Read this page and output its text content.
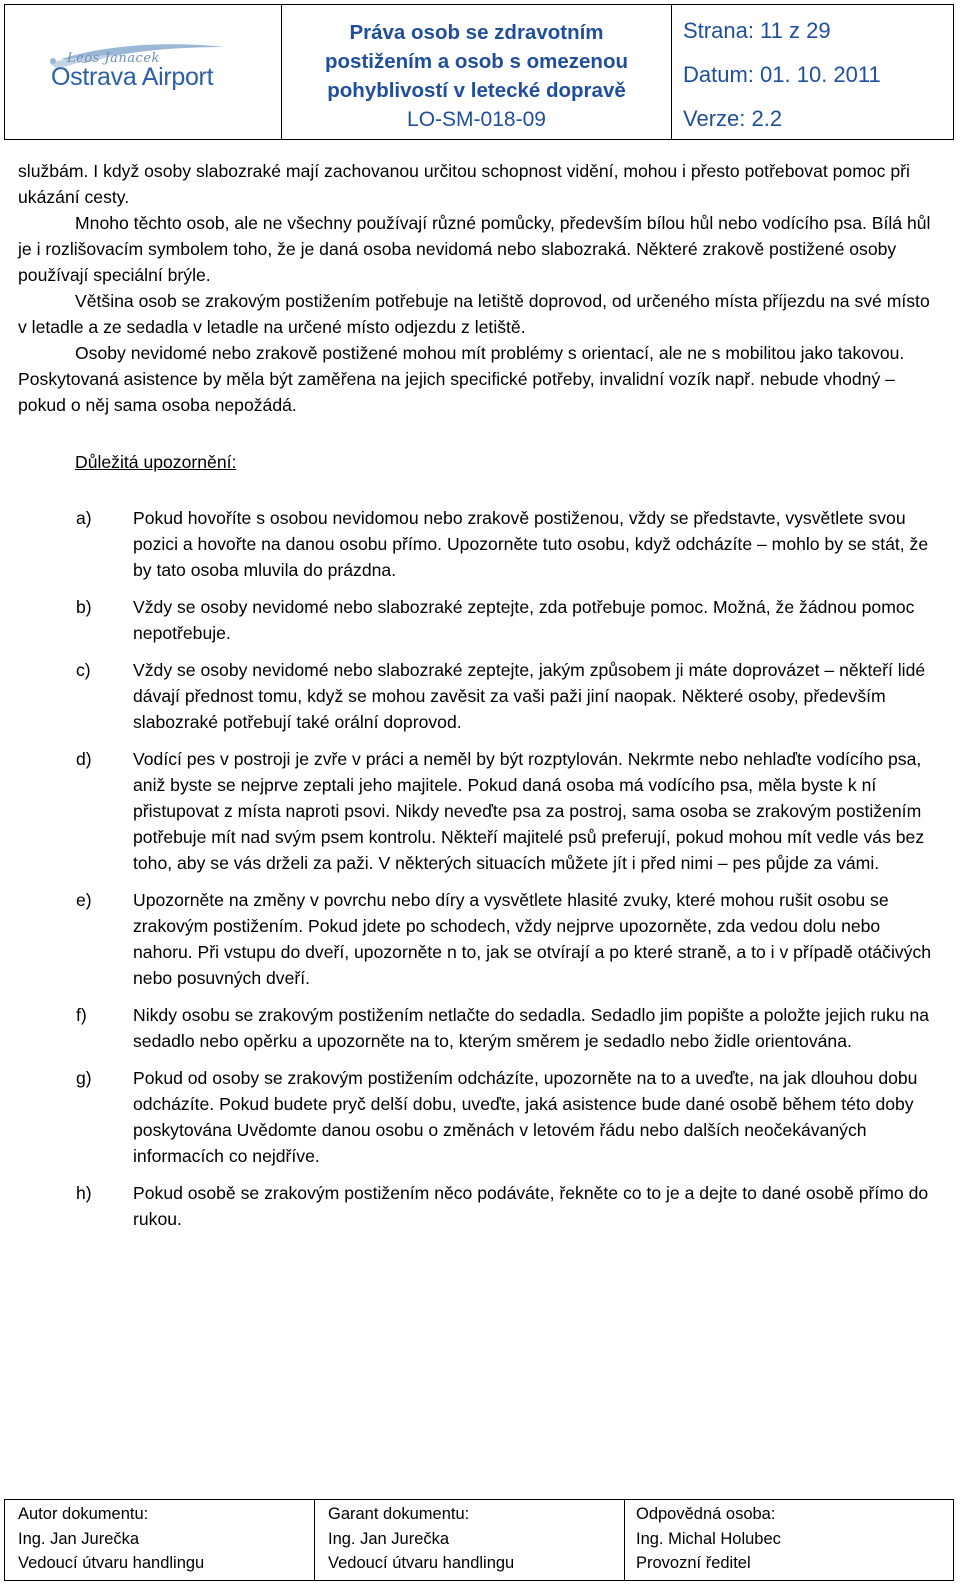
Leos Janacek
Ostrava Airport
Práva osob se zdravotním
postižením a osob s omezenou
pohyblivostí v letecké dopravě
LO-SM-018-09
Strana: 11 z 29
Datum: 01. 10. 2011
Verze: 2.2

službám. I když osoby slabozraké mají zachovanou určitou schopnost vidění, mohou i přesto potřebovat pomoc při ukázání cesty.

Mnoho těchto osob, ale ne všechny používají různé pomůcky, především bílou hůl nebo vodícího psa. Bílá hůl je i rozlišovacím symbolem toho, že je daná osoba nevidomá nebo slabozraká. Některé zrakově postižené osoby používají speciální brýle.

Většina osob se zrakovým postižením potřebuje na letiště doprovod, od určeného místa příjezdu na své místo v letadle a ze sedadla v letadle na určené místo odjezdu z letiště.

Osoby nevidomé nebo zrakově postižené mohou mít problémy s orientací, ale ne s mobilitou jako takovou. Poskytovaná asistence by měla být zaměřena na jejich specifické potřeby, invalidní vozík např. nebude vhodný – pokud o něj sama osoba nepožádá.

Důležitá upozornění:

a)	Pokud hovoříte s osobou nevidomou nebo zrakově postiženou, vždy se představte, vysvětlete svou pozici a hovořte na danou osobu přímo. Upozorněte tuto osobu, když odcházíte – mohlo by se stát, že by tato osoba mluvila do prázdna.
b)	Vždy se osoby nevidomé nebo slabozraké zeptejte, zda potřebuje pomoc. Možná, že žádnou pomoc nepotřebuje.
c)	Vždy se osoby nevidomé nebo slabozraké zeptejte, jakým způsobem ji máte doprovázet – někteří lidé dávají přednost tomu, když se mohou zavěsit za vaši paži jiní naopak. Některé osoby, především slabozraké potřebují také orální doprovod.
d)	Vodící pes v postroji je zvře v práci a neměl by být rozptylován. Nekrmte nebo nehlaďte vodícího psa, aniž byste se nejprve zeptali jeho majitele. Pokud daná osoba má vodícího psa, měla byste k ní přistupovat z místa naproti psovi. Nikdy neveďte psa za postroj, sama osoba se zrakovým postižením potřebuje mít nad svým psem kontrolu. Někteří majitelé psů preferují, pokud mohou mít vedle vás bez toho, aby se vás drželi za paži. V některých situacích můžete jít i před nimi – pes půjde za vámi.
e)	Upozorněte na změny v povrchu nebo díry a vysvětlete hlasité zvuky, které mohou rušit osobu se zrakovým postižením. Pokud jdete po schodech, vždy nejprve upozorněte, zda vedou dolu nebo nahoru. Při vstupu do dveří, upozorněte n to, jak se otvírají a po které straně, a to i v případě otáčivých nebo posuvných dveří.
f)	Nikdy osobu se zrakovým postižením netlačte do sedadla. Sedadlo jim popište a položte jejich ruku na sedadlo nebo opěrku a upozorněte na to, kterým směrem je sedadlo nebo židle orientována.
g)	Pokud od osoby se zrakovým postižením odcházíte, upozorněte na to a uveďte, na jak dlouhou dobu odcházíte. Pokud budete pryč delší dobu, uveďte, jaká asistence bude dané osobě během této doby poskytována Uvědomte danou osobu o změnách v letovém řádu nebo dalších neočekávaných informacích co nejdříve.
h)	Pokud osobě se zrakovým postižením něco podáváte, řekněte co to je a dejte to dané osobě přímo do rukou.
Autor dokumentu:
Ing. Jan Jurečka
Vedoucí útvaru handlingu
Garant dokumentu:
Ing. Jan Jurečka
Vedoucí útvaru handlingu
Odpovědná osoba:
Ing. Michal Holubec
Provozní ředitel
